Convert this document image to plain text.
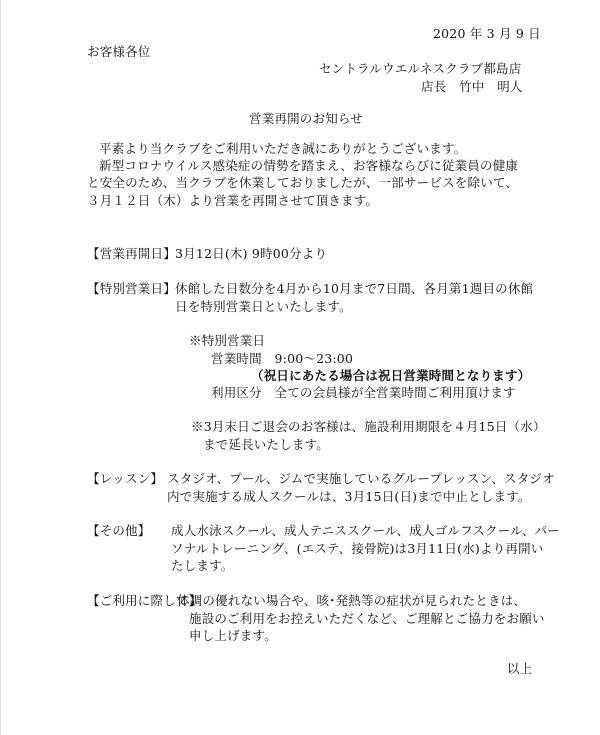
2020 年 3 月 9 日
お客様各位
セントラルウエルネスクラブ都島店
店長　竹中　明人
営業再開のお知らせ
平素より当クラブをご利用いただき誠にありがとうございます。
新型コロナウイルス感染症の情勢を踏まえ、お客様ならびに従業員の健康
と安全のため、当クラブを休業しておりましたが、一部サービスを除いて、
３月１２日（木）より営業を再開させて頂きます。
【営業再開日】 3月12日(木) 9時00分より
【特別営業日】 休館した日数分を4月から10月まで7日間、各月第1週目の休館
日を特別営業日といたします。
※特別営業日
営業時間　9:00～23:00
（祝日にあたる場合は祝日営業時間となります）
利用区分　全ての会員様が全営業時間ご利用頂けます
※3月末日ご退会のお客様は、施設利用期限を４月15日（水）
まで延長いたします。
【レッスン】 スタジオ、プール、ジムで実施しているグループレッスン、スタジオ
内で実施する成人スクールは、3月15日(日)まで中止とします。
【その他】 成人水泳スクール、成人テニススクール、成人ゴルフスクール、パー
ソナルトレーニング、(エステ、接骨院)は3月11日(水)より再開い
たします。
【ご利用に際して】
体調の優れない場合や、咳･発熱等の症状が見られたときは、
施設のご利用をお控えいただくなど、ご理解とご協力をお願い
申し上げます。
以上
